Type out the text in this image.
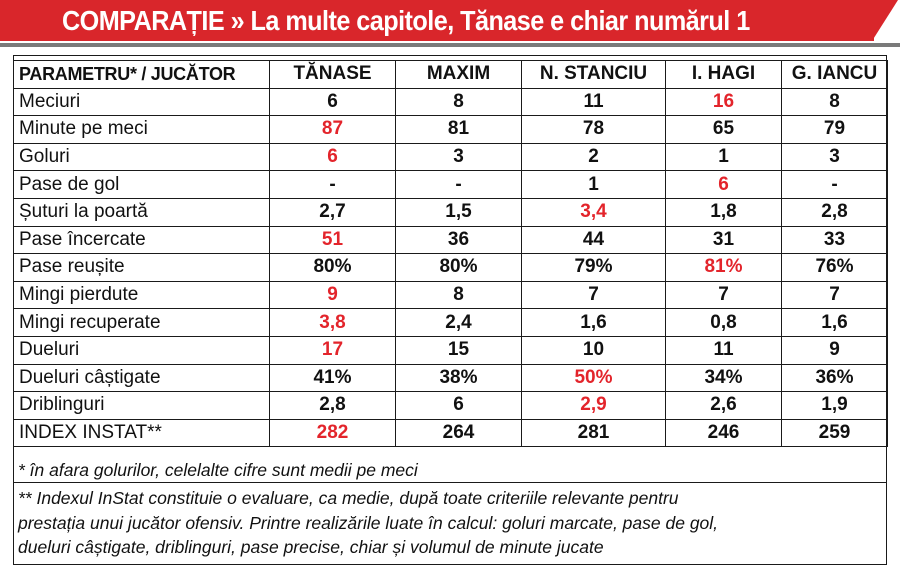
COMPARAȚIE » La multe capitole, Tănase e chiar numărul 1
PARAMETRU* / JUCĂTOR	TĂNASE	MAXIM	N. STANCIU	I. HAGI	G. IANCU
Meciuri	6	8	11	16	8
Minute pe meci	87	81	78	65	79
Goluri	6	3	2	1	3
Pase de gol	-	-	1	6	-
Șuturi la poartă	2,7	1,5	3,4	1,8	2,8
Pase încercate	51	36	44	31	33
Pase reușite	80%	80%	79%	81%	76%
Mingi pierdute	9	8	7	7	7
Mingi recuperate	3,8	2,4	1,6	0,8	1,6
Dueluri	17	15	10	11	9
Dueluri câștigate	41%	38%	50%	34%	36%
Driblinguri	2,8	6	2,9	2,6	1,9
INDEX INSTAT**	282	264	281	246	259
* în afara golurilor, celelalte cifre sunt medii pe meci
** Indexul InStat constituie o evaluare, ca medie, după toate criteriile relevante pentru
prestația unui jucător ofensiv. Printre realizările luate în calcul: goluri marcate, pase de gol,
dueluri câștigate, driblinguri, pase precise, chiar și volumul de minute jucate
